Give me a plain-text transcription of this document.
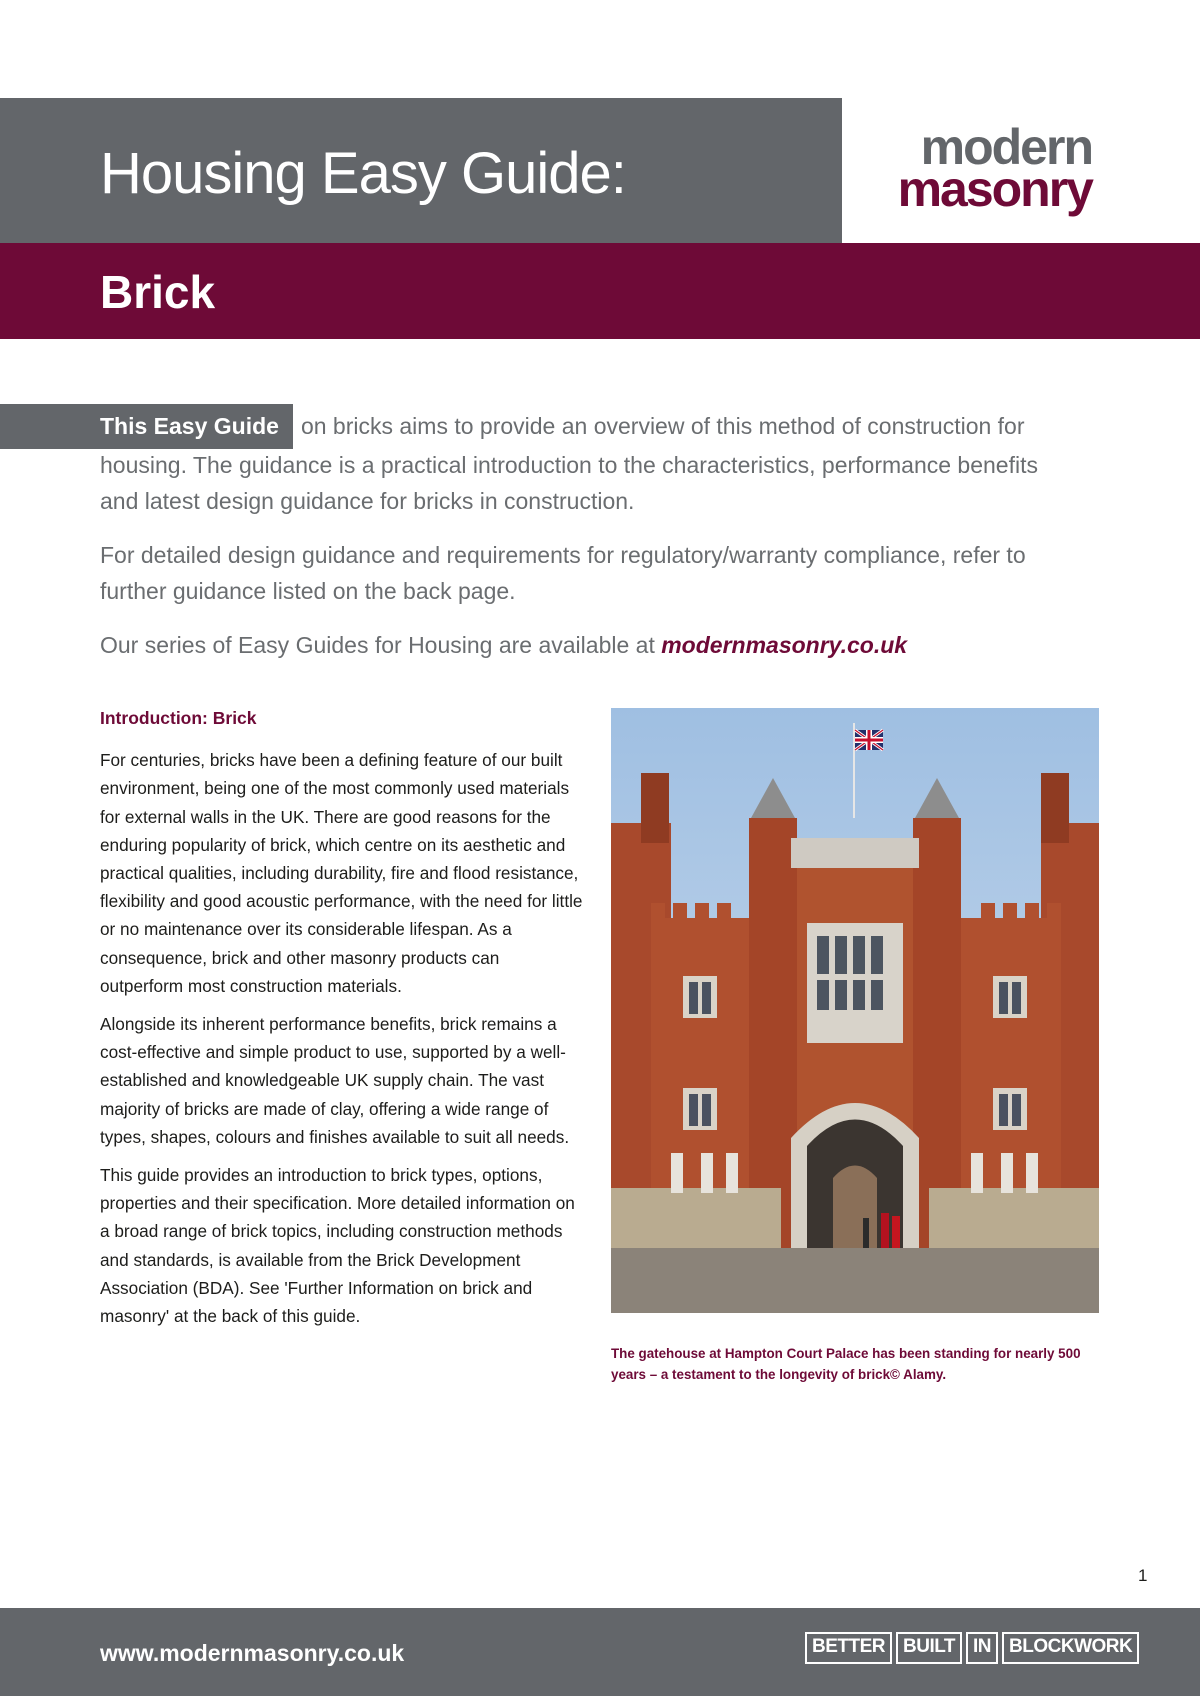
Housing Easy Guide:	modern
masonry
Brick

This Easy Guide on bricks aims to provide an overview of this method of construction for housing. The guidance is a practical introduction to the characteristics, performance benefits and latest design guidance for bricks in construction.

For detailed design guidance and requirements for regulatory/warranty compliance, refer to further guidance listed on the back page.

Our series of Easy Guides for Housing are available at modernmasonry.co.uk

Introduction: Brick

For centuries, bricks have been a defining feature of our built environment, being one of the most commonly used materials for external walls in the UK. There are good reasons for the enduring popularity of brick, which centre on its aesthetic and practical qualities, including durability, fire and flood resistance, flexibility and good acoustic performance, with the need for little or no maintenance over its considerable lifespan. As a consequence, brick and other masonry products can outperform most construction materials.

Alongside its inherent performance benefits, brick remains a cost-effective and simple product to use, supported by a well-established and knowledgeable UK supply chain. The vast majority of bricks are made of clay, offering a wide range of types, shapes, colours and finishes available to suit all needs.

This guide provides an introduction to brick types, options, properties and their specification. More detailed information on a broad range of brick topics, including construction methods and standards, is available from the Brick Development Association (BDA). See 'Further Information on brick and masonry' at the back of this guide.

The gatehouse at Hampton Court Palace has been standing for nearly 500 years – a testament to the longevity of brick© Alamy.
1
www.modernmasonry.co.uk	BETTER BUILT IN BLOCKWORK
